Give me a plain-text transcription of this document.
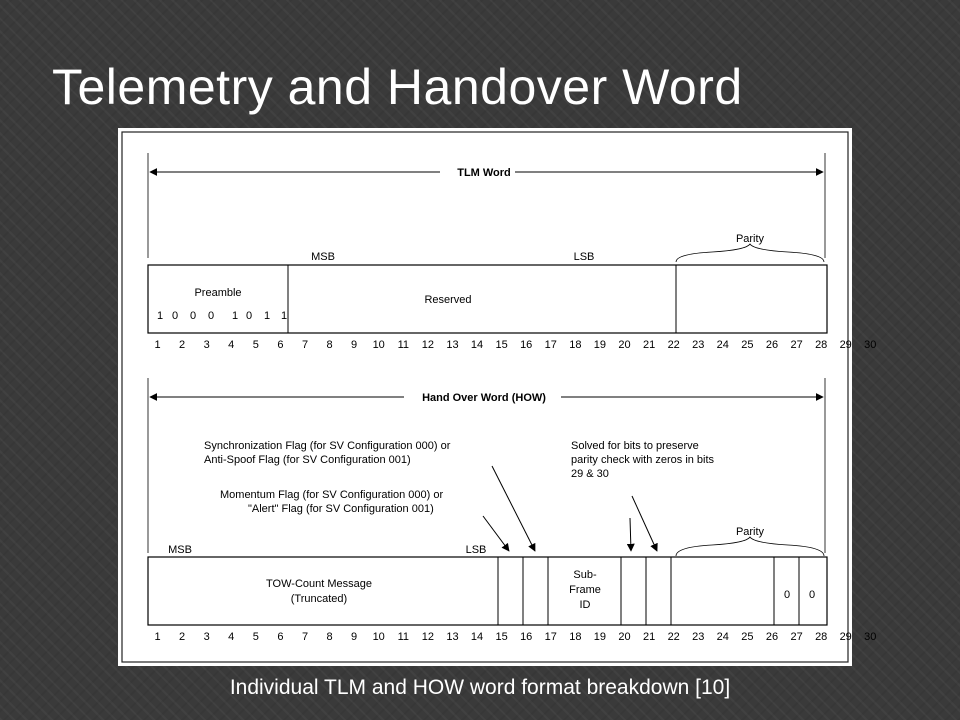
Telemetry and Handover Word
TLM Word
Parity
MSB	LSB
Preamble
1 0 0 0 1 0 1 1
Reserved
1 2 3 4 5 6 7 8 9 10 11 12 13 14 15 16 17 18 19 20 21 22 23 24 25 26 27 28 29 30
Hand Over Word (HOW)
Synchronization Flag (for SV Configuration 000) or
Anti-Spoof Flag (for SV Configuration 001)
Momentum Flag (for SV Configuration 000) or
"Alert" Flag (for SV Configuration 001)
Solved for bits to preserve
parity check with zeros in bits
29 & 30
Parity
MSB	LSB
TOW-Count Message
(Truncated)
Sub-
Frame
ID
0 0
1 2 3 4 5 6 7 8 9 10 11 12 13 14 15 16 17 18 19 20 21 22 23 24 25 26 27 28 29 30
Individual TLM and HOW word format breakdown [10]
